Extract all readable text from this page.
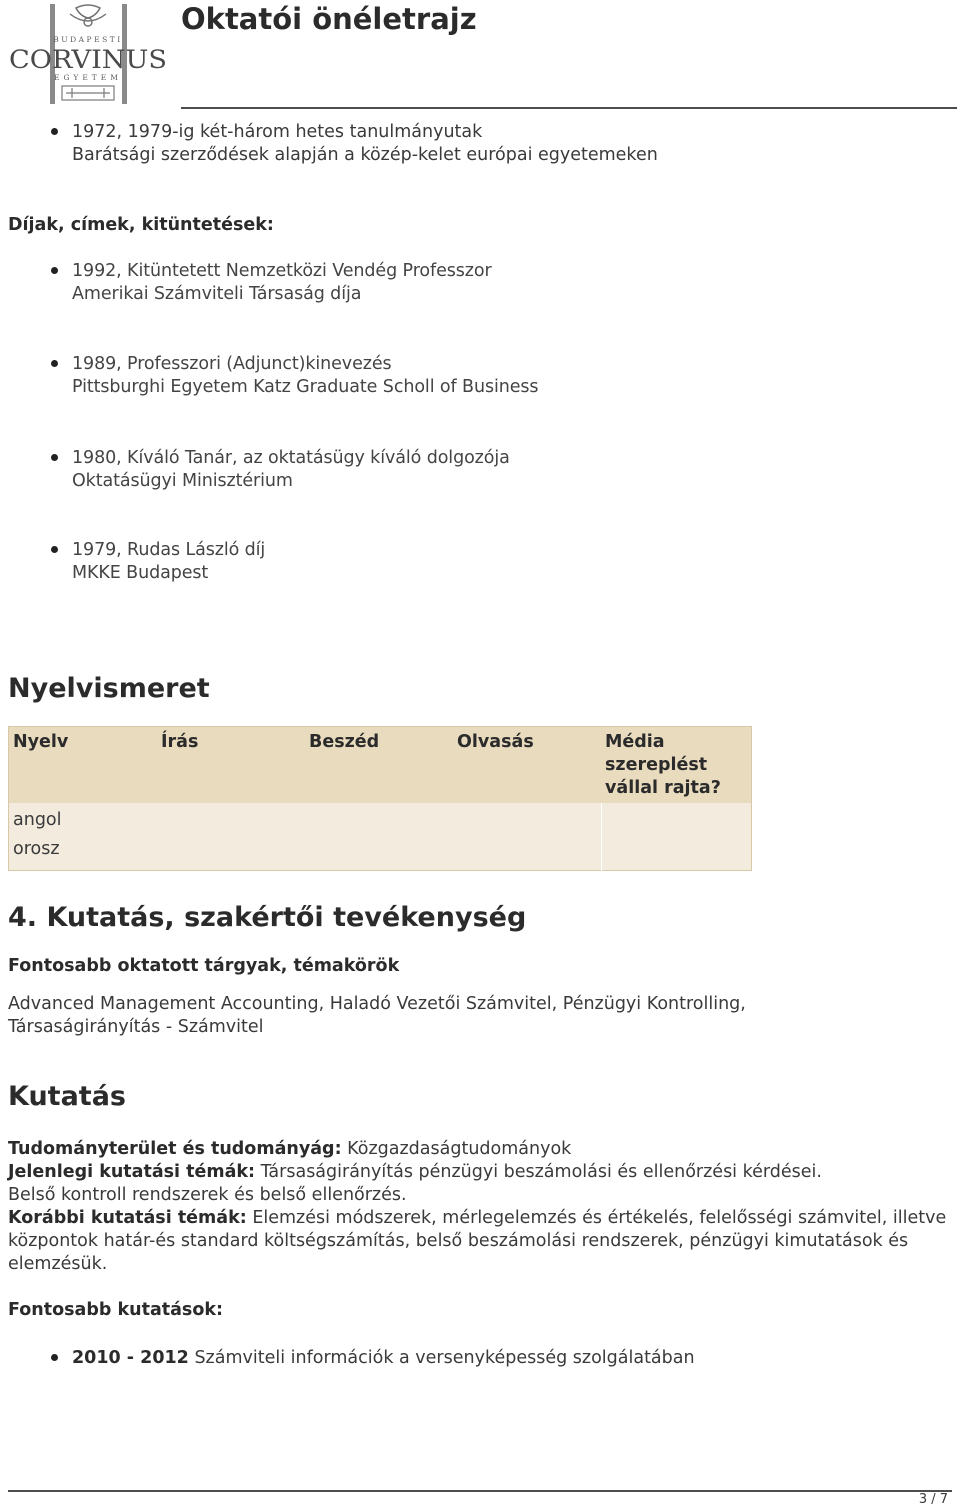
BUDAPESTI
CORVINUS
EGYETEM
Oktatói önéletrajz
1972, 1979-ig két-három hetes tanulmányutak
Barátsági szerződések alapján a közép-kelet európai egyetemeken
Díjak, címek, kitüntetések:
1992, Kitüntetett Nemzetközi Vendég Professzor
Amerikai Számviteli Társaság díja
1989, Professzori (Adjunct)kinevezés
Pittsburghi Egyetem Katz Graduate Scholl of Business
1980, Kíváló Tanár, az oktatásügy kíváló dolgozója
Oktatásügyi Minisztérium
1979, Rudas László díj
MKKE Budapest
Nyelvismeret
Nyelv	Írás	Beszéd	Olvasás	Média szereplést vállal rajta?

angol
orosz				

4. Kutatás, szakértői tevékenység
Fontosabb oktatott tárgyak, témakörök
Advanced Management Accounting, Haladó Vezetői Számvitel, Pénzügyi Kontrolling, Társaságirányítás - Számvitel
Kutatás
Tudományterület és tudományág: Közgazdaságtudományok
Jelenlegi kutatási témák: Társaságirányítás pénzügyi beszámolási és ellenőrzési kérdései.
Belső kontroll rendszerek és belső ellenőrzés.
Korábbi kutatási témák: Elemzési módszerek, mérlegelemzés és értékelés, felelősségi számvitel, illetve központok határ-és standard költségszámítás, belső beszámolási rendszerek, pénzügyi kimutatások és elemzésük.
Fontosabb kutatások:
2010 - 2012 Számviteli információk a versenyképesség szolgálatában
3 / 7
